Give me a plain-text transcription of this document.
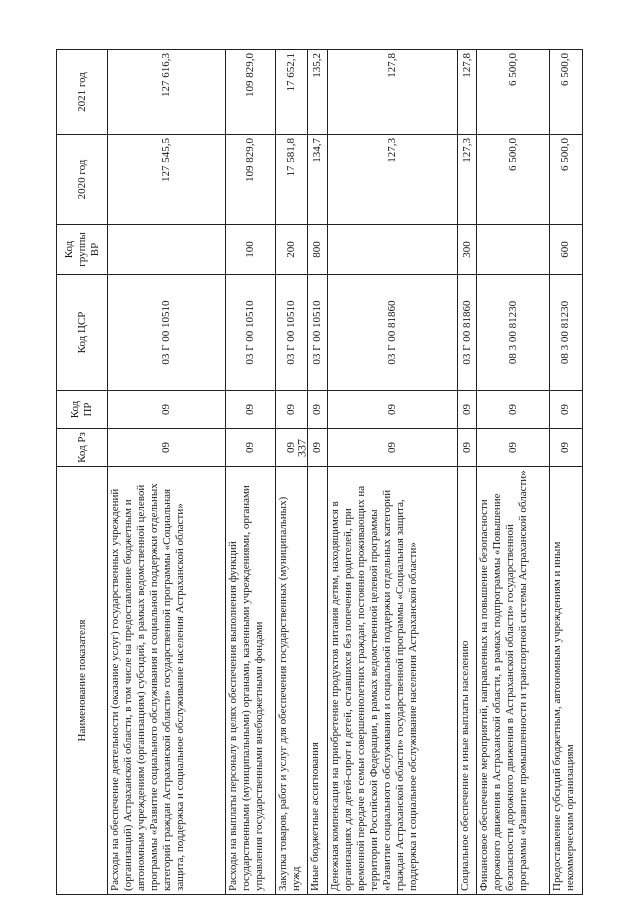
337
Наименование показателя	Код Рз	Код ПР	Код ЦСР	Код группы ВР	2020 год	2021 год
Расходы на обеспечение деятельности (оказание услуг) государственных учреждений (организаций) Астраханской области, в том числе на предоставление бюджетным и автономным учреждениям (организациям) субсидий, в рамках ведомственной целевой программы «Развитие социального обслуживания и социальной поддержки отдельных категорий граждан Астраханской области» государственной программы «Социальная защита, поддержка и социальное обслуживание населения Астраханской области»	09	09	03 Г 00 10510		127 545,5	127 616,3
Расходы на выплаты персоналу в целях обеспечения выполнения функций государственными (муниципальными) органами, казенными учреждениями, органами управления государственными внебюджетными фондами	09	09	03 Г 00 10510	100	109 829,0	109 829,0
Закупка товаров, работ и услуг для обеспечения государственных (муниципальных) нужд	09	09	03 Г 00 10510	200	17 581,8	17 652,1
Иные бюджетные ассигнования	09	09	03 Г 00 10510	800	134,7	135,2
Денежная компенсация на приобретение продуктов питания детям, находящимся в организациях для детей-сирот и детей, оставшихся без попечения родителей, при временной передаче в семьи совершеннолетних граждан, постоянно проживающих на территории Российской Федерации, в рамках ведомственной целевой программы «Развитие социального обслуживания и социальной поддержки отдельных категорий граждан Астраханской области» государственной программы «Социальная защита, поддержка и социальное обслуживание населения Астраханской области»	09	09	03 Г 00 81860		127,3	127,8
Социальное обеспечение и иные выплаты населению	09	09	03 Г 00 81860	300	127,3	127,8
Финансовое обеспечение мероприятий, направленных на повышение безопасности дорожного движения в Астраханской области, в рамках подпрограммы «Повышение безопасности дорожного движения в Астраханской области» государственной программы «Развитие промышленности и транспортной системы Астраханской области»	09	09	08 3 00 81230		6 500,0	6 500,0
Предоставление субсидий бюджетным, автономным учреждениям и иным некоммерческим организациям	09	09	08 3 00 81230	600	6 500,0	6 500,0
